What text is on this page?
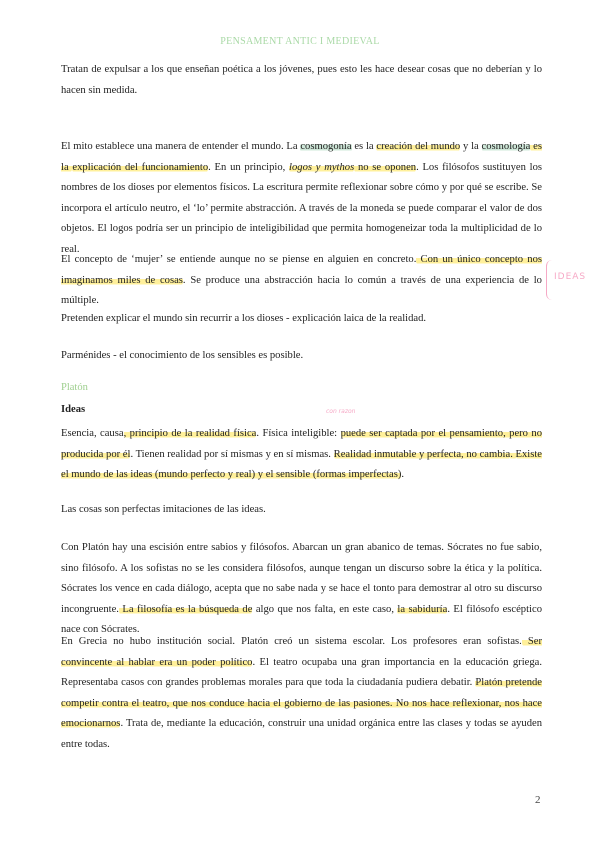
PENSAMENT ANTIC I MEDIEVAL

Tratan de expulsar a los que enseñan poética a los jóvenes, pues esto les hace desear cosas que no deberían y lo hacen sin medida.

El mito establece una manera de entender el mundo. La cosmogonía es la creación del mundo y la cosmología es la explicación del funcionamiento. En un principio, logos y mythos no se oponen. Los filósofos sustituyen los nombres de los dioses por elementos físicos. La escritura permite reflexionar sobre cómo y por qué se escribe. Se incorpora el artículo neutro, el ‘lo’ permite abstracción. A través de la moneda se puede comparar el valor de dos objetos. El logos podría ser un principio de inteligibilidad que permita homogeneizar toda la multiplicidad de lo real.

El concepto de ‘mujer’ se entiende aunque no se piense en alguien en concreto. Con un único concepto nos imaginamos miles de cosas. Se produce una abstracción hacia lo común a través de una experiencia de lo múltiple.

Pretenden explicar el mundo sin recurrir a los dioses - explicación laica de la realidad.

Parménides - el conocimiento de los sensibles es posible.

IDEAS
Platón
Ideas	con razon

Esencia, causa, principio de la realidad física. Física inteligible: puede ser captada por el pensamiento, pero no producida por él. Tienen realidad por sí mismas y en sí mismas. Realidad inmutable y perfecta, no cambia. Existe el mundo de las ideas (mundo perfecto y real) y el sensible (formas imperfectas).

Las cosas son perfectas imitaciones de las ideas.

Con Platón hay una escisión entre sabios y filósofos. Abarcan un gran abanico de temas. Sócrates no fue sabio, sino filósofo. A los sofistas no se les considera filósofos, aunque tengan un discurso sobre la ética y la política. Sócrates los vence en cada diálogo, acepta que no sabe nada y se hace el tonto para demostrar al otro su discurso incongruente. La filosofía es la búsqueda de algo que nos falta, en este caso, la sabiduría. El filósofo escéptico nace con Sócrates.

En Grecia no hubo institución social. Platón creó un sistema escolar. Los profesores eran sofistas. Ser convincente al hablar era un poder político. El teatro ocupaba una gran importancia en la educación griega. Representaba casos con grandes problemas morales para que toda la ciudadanía pudiera debatir. Platón pretende competir contra el teatro, que nos conduce hacia el gobierno de las pasiones. No nos hace reflexionar, nos hace emocionarnos. Trata de, mediante la educación, construir una unidad orgánica entre las clases y todas se ayuden entre todas.

2
